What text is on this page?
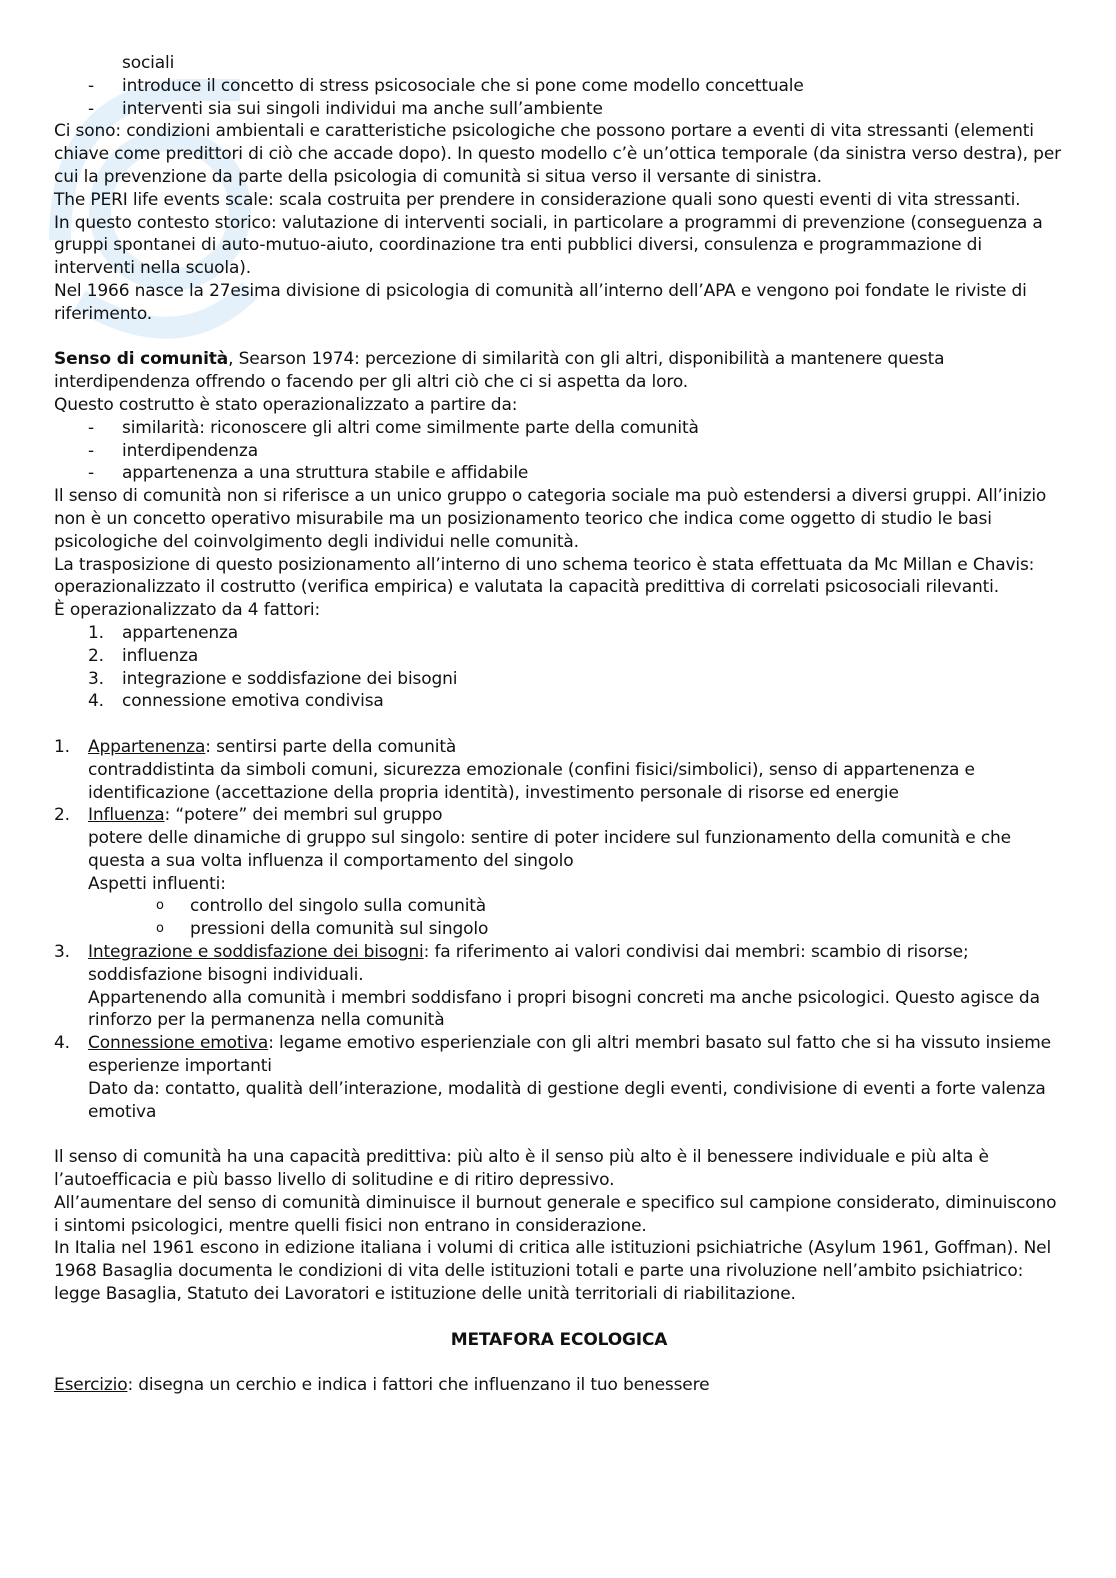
sociali

-	introduce il concetto di stress psicosociale che si pone come modello concettuale
-	interventi sia sui singoli individui ma anche sull’ambiente

Ci sono: condizioni ambientali e caratteristiche psicologiche che possono portare a eventi di vita stressanti (elementi chiave come predittori di ciò che accade dopo). In questo modello c’è un’ottica temporale (da sinistra verso destra), per cui la prevenzione da parte della psicologia di comunità si situa verso il versante di sinistra.

The PERI life events scale: scala costruita per prendere in considerazione quali sono questi eventi di vita stressanti.

In questo contesto storico: valutazione di interventi sociali, in particolare a programmi di prevenzione (conseguenza a gruppi spontanei di auto-mutuo-aiuto, coordinazione tra enti pubblici diversi, consulenza e programmazione di interventi nella scuola).

Nel 1966 nasce la 27esima divisione di psicologia di comunità all’interno dell’APA e vengono poi fondate le riviste di riferimento.

Senso di comunità, Searson 1974: percezione di similarità con gli altri, disponibilità a mantenere questa interdipendenza offrendo o facendo per gli altri ciò che ci si aspetta da loro.

Questo costrutto è stato operazionalizzato a partire da:

-	similarità: riconoscere gli altri come similmente parte della comunità
-	interdipendenza
-	appartenenza a una struttura stabile e affidabile

Il senso di comunità non si riferisce a un unico gruppo o categoria sociale ma può estendersi a diversi gruppi. All’inizio non è un concetto operativo misurabile ma un posizionamento teorico che indica come oggetto di studio le basi psicologiche del coinvolgimento degli individui nelle comunità.

La trasposizione di questo posizionamento all’interno di uno schema teorico è stata effettuata da Mc Millan e Chavis: operazionalizzato il costrutto (verifica empirica) e valutata la capacità predittiva di correlati psicosociali rilevanti.

È operazionalizzato da 4 fattori:

1.	appartenenza
2.	influenza
3.	integrazione e soddisfazione dei bisogni
4.	connessione emotiva condivisa
1.	Appartenenza: sentirsi parte della comunità

contraddistinta da simboli comuni, sicurezza emozionale (confini fisici/simbolici), senso di appartenenza e identificazione (accettazione della propria identità), investimento personale di risorse ed energie

2.	Influenza: “potere” dei membri sul gruppo

potere delle dinamiche di gruppo sul singolo: sentire di poter incidere sul funzionamento della comunità e che questa a sua volta influenza il comportamento del singolo

Aspetti influenti:

o	controllo del singolo sulla comunità
o	pressioni della comunità sul singolo
3.	Integrazione e soddisfazione dei bisogni: fa riferimento ai valori condivisi dai membri: scambio di risorse; soddisfazione bisogni individuali.

Appartenendo alla comunità i membri soddisfano i propri bisogni concreti ma anche psicologici. Questo agisce da rinforzo per la permanenza nella comunità

4.	Connessione emotiva: legame emotivo esperienziale con gli altri membri basato sul fatto che si ha vissuto insieme esperienze importanti

Dato da: contatto, qualità dell’interazione, modalità di gestione degli eventi, condivisione di eventi a forte valenza emotiva

Il senso di comunità ha una capacità predittiva: più alto è il senso più alto è il benessere individuale e più alta è l’autoefficacia e più basso livello di solitudine e di ritiro depressivo.

All’aumentare del senso di comunità diminuisce il burnout generale e specifico sul campione considerato, diminuiscono i sintomi psicologici, mentre quelli fisici non entrano in considerazione.

In Italia nel 1961 escono in edizione italiana i volumi di critica alle istituzioni psichiatriche (Asylum 1961, Goffman). Nel 1968 Basaglia documenta le condizioni di vita delle istituzioni totali e parte una rivoluzione nell’ambito psichiatrico: legge Basaglia, Statuto dei Lavoratori e istituzione delle unità territoriali di riabilitazione.

METAFORA ECOLOGICA

Esercizio: disegna un cerchio e indica i fattori che influenzano il tuo benessere
